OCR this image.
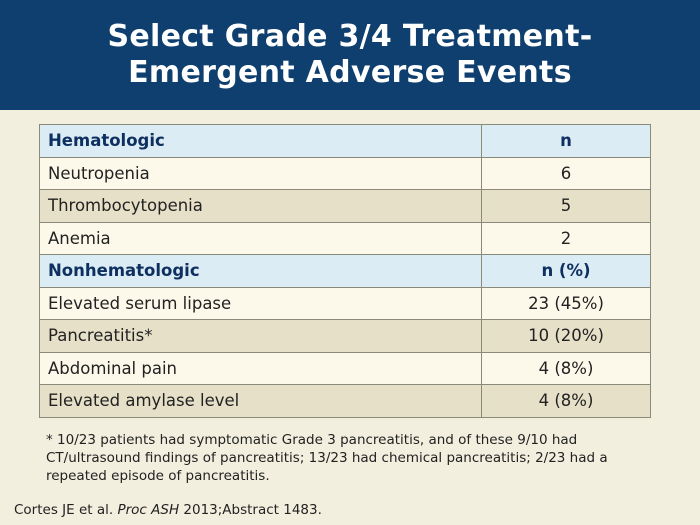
Select Grade 3/4 Treatment-
Emergent Adverse Events
Hematologic	n
Neutropenia	6
Thrombocytopenia	5
Anemia	2
Nonhematologic	n (%)
Elevated serum lipase	23 (45%)
Pancreatitis*	10 (20%)
Abdominal pain	4 (8%)
Elevated amylase level	4 (8%)
* 10/23 patients had symptomatic Grade 3 pancreatitis, and of these 9/10 had CT/ultrasound findings of pancreatitis; 13/23 had chemical pancreatitis; 2/23 had a repeated episode of pancreatitis.
Cortes JE et al. Proc ASH 2013;Abstract 1483.
